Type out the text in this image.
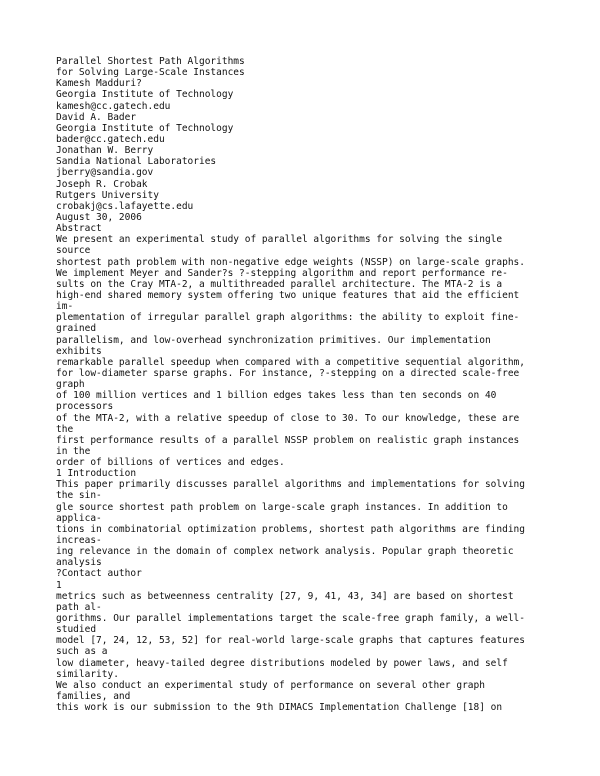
Parallel Shortest Path Algorithms
for Solving Large-Scale Instances
Kamesh Madduri?
Georgia Institute of Technology
kamesh@cc.gatech.edu
David A. Bader
Georgia Institute of Technology
bader@cc.gatech.edu
Jonathan W. Berry
Sandia National Laboratories
jberry@sandia.gov
Joseph R. Crobak
Rutgers University
crobakj@cs.lafayette.edu
August 30, 2006
Abstract
We present an experimental study of parallel algorithms for solving the single
source
shortest path problem with non-negative edge weights (NSSP) on large-scale graphs.
We implement Meyer and Sander?s ?-stepping algorithm and report performance re-
sults on the Cray MTA-2, a multithreaded parallel architecture. The MTA-2 is a
high-end shared memory system offering two unique features that aid the efficient
im-
plementation of irregular parallel graph algorithms: the ability to exploit fine-
grained
parallelism, and low-overhead synchronization primitives. Our implementation
exhibits
remarkable parallel speedup when compared with a competitive sequential algorithm,
for low-diameter sparse graphs. For instance, ?-stepping on a directed scale-free
graph
of 100 million vertices and 1 billion edges takes less than ten seconds on 40
processors
of the MTA-2, with a relative speedup of close to 30. To our knowledge, these are
the
first performance results of a parallel NSSP problem on realistic graph instances
in the
order of billions of vertices and edges.
1 Introduction
This paper primarily discusses parallel algorithms and implementations for solving
the sin-
gle source shortest path problem on large-scale graph instances. In addition to
applica-
tions in combinatorial optimization problems, shortest path algorithms are finding
increas-
ing relevance in the domain of complex network analysis. Popular graph theoretic
analysis
?Contact author
1
metrics such as betweenness centrality [27, 9, 41, 43, 34] are based on shortest
path al-
gorithms. Our parallel implementations target the scale-free graph family, a well-
studied
model [7, 24, 12, 53, 52] for real-world large-scale graphs that captures features
such as a
low diameter, heavy-tailed degree distributions modeled by power laws, and self
similarity.
We also conduct an experimental study of performance on several other graph
families, and
this work is our submission to the 9th DIMACS Implementation Challenge [18] on
